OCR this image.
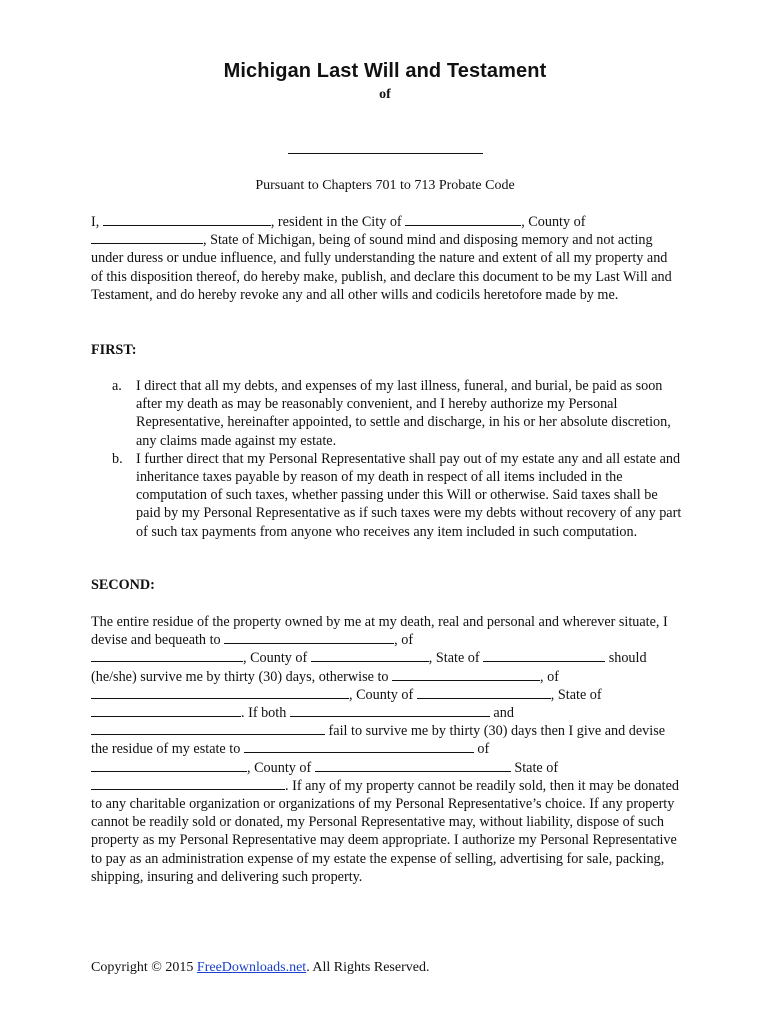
Michigan Last Will and Testament
of
Pursuant to Chapters 701 to 713 Probate Code
I,	, resident in the City of	, County of
, State of Michigan, being of sound mind and disposing memory and not acting under duress or undue influence, and fully understanding the nature and extent of all my property and of this disposition thereof, do hereby make, publish, and declare this document to be my Last Will and Testament, and do hereby revoke any and all other wills and codicils heretofore made by me.
FIRST:
a. I direct that all my debts, and expenses of my last illness, funeral, and burial, be paid as soon after my death as may be reasonably convenient, and I hereby authorize my Personal Representative, hereinafter appointed, to settle and discharge, in his or her absolute discretion, any claims made against my estate.
b. I further direct that my Personal Representative shall pay out of my estate any and all estate and inheritance taxes payable by reason of my death in respect of all items included in the computation of such taxes, whether passing under this Will or otherwise. Said taxes shall be paid by my Personal Representative as if such taxes were my debts without recovery of any part of such tax payments from anyone who receives any item included in such computation.
SECOND:
The entire residue of the property owned by me at my death, real and personal and wherever situate, I devise and bequeath to	, of
, County of	, State of	should (he/she) survive me by thirty (30) days, otherwise to	, of
, County of	, State of
. If both	and
fail to survive me by thirty (30) days then I give and devise the residue of my estate to	of
, County of	State of
. If any of my property cannot be readily sold, then it may be donated to any charitable organization or organizations of my Personal Representative’s choice. If any property cannot be readily sold or donated, my Personal Representative may, without liability, dispose of such property as my Personal Representative may deem appropriate. I authorize my Personal Representative to pay as an administration expense of my estate the expense of selling, advertising for sale, packing, shipping, insuring and delivering such property.
Copyright © 2015 FreeDownloads.net. All Rights Reserved.
